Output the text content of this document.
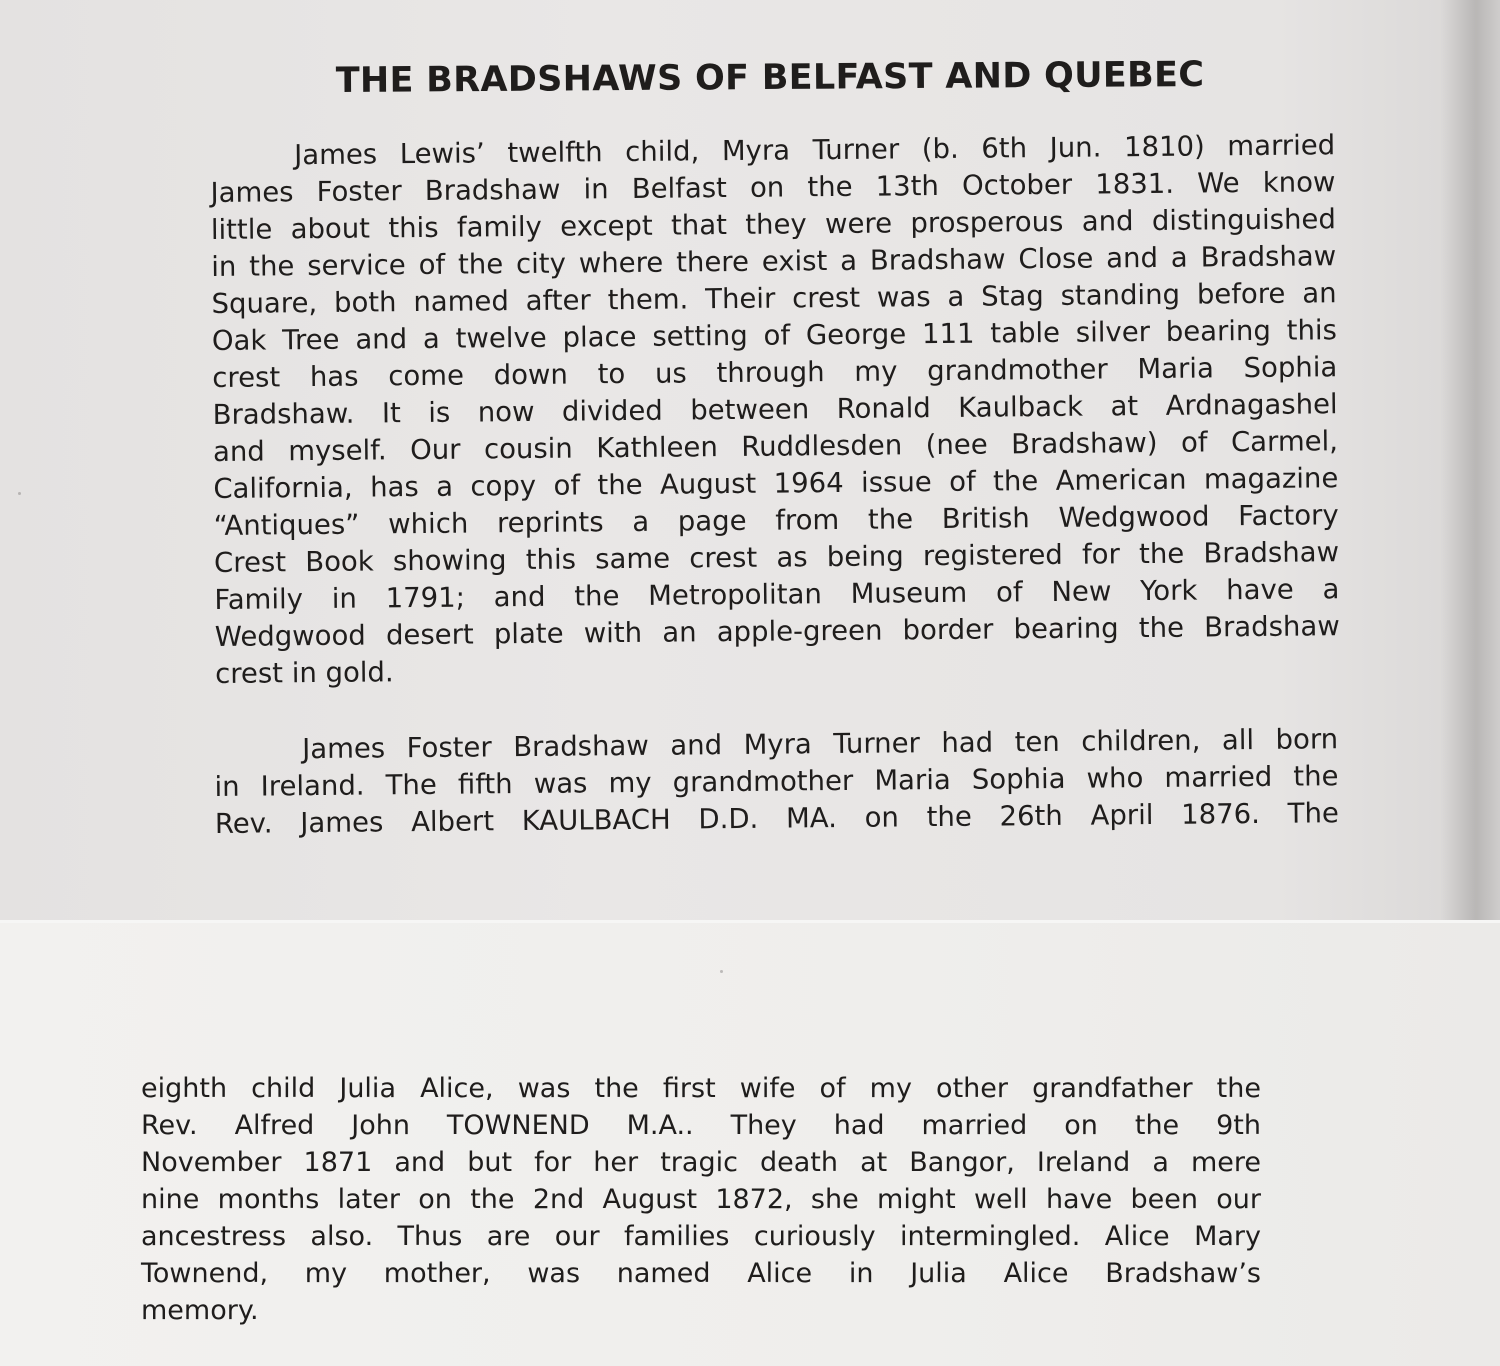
THE BRADSHAWS OF BELFAST AND QUEBEC
James Lewis’ twelfth child, Myra Turner (b. 6th Jun. 1810) married
James Foster Bradshaw in Belfast on the 13th October 1831. We know
little about this family except that they were prosperous and distinguished
in the service of the city where there exist a Bradshaw Close and a Bradshaw
Square, both named after them. Their crest was a Stag standing before an
Oak Tree and a twelve place setting of George 111 table silver bearing this
crest has come down to us through my grandmother Maria Sophia
Bradshaw. It is now divided between Ronald Kaulback at Ardnagashel
and myself. Our cousin Kathleen Ruddlesden (nee Bradshaw) of Carmel,
California, has a copy of the August 1964 issue of the American magazine
“Antiques” which reprints a page from the British Wedgwood Factory
Crest Book showing this same crest as being registered for the Bradshaw
Family in 1791; and the Metropolitan Museum of New York have a
Wedgwood desert plate with an apple-green border bearing the Bradshaw
crest in gold.
James Foster Bradshaw and Myra Turner had ten children, all born
in Ireland. The fifth was my grandmother Maria Sophia who married the
Rev. James Albert KAULBACH D.D. MA. on the 26th April 1876. The
eighth child Julia Alice, was the first wife of my other grandfather the
Rev. Alfred John TOWNEND M.A.. They had married on the 9th
November 1871 and but for her tragic death at Bangor, Ireland a mere
nine months later on the 2nd August 1872, she might well have been our
ancestress also. Thus are our families curiously intermingled. Alice Mary
Townend, my mother, was named Alice in Julia Alice Bradshaw’s
memory.
